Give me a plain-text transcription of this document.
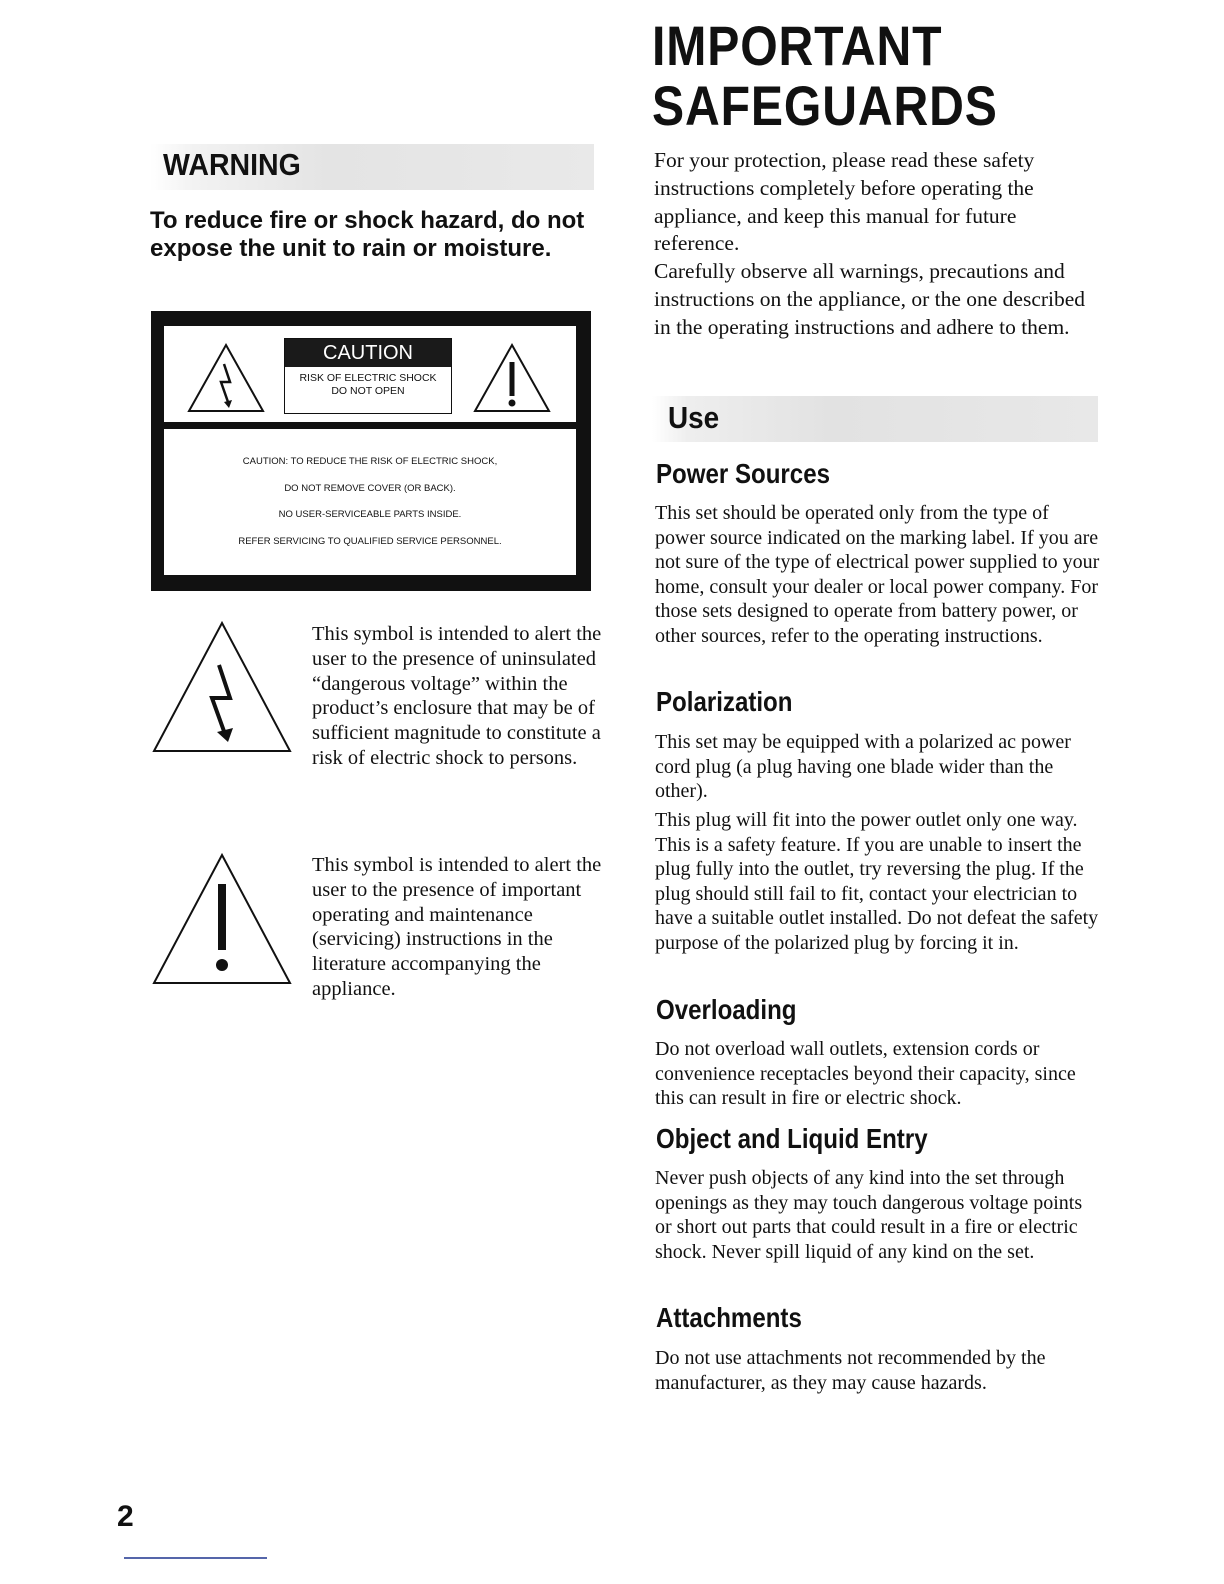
WARNING
To reduce fire or shock hazard, do not expose the unit to rain or moisture.
CAUTION
RISK OF ELECTRIC SHOCK
DO NOT OPEN
CAUTION: TO REDUCE THE RISK OF ELECTRIC SHOCK,
DO NOT REMOVE COVER (OR BACK).
NO USER-SERVICEABLE PARTS INSIDE.
REFER SERVICING TO QUALIFIED SERVICE PERSONNEL.
This symbol is intended to alert the user to the presence of uninsulated “dangerous voltage” within the product’s enclosure that may be of sufficient magnitude to constitute a risk of electric shock to persons.
This symbol is intended to alert the user to the presence of important operating and maintenance (servicing) instructions in the literature accompanying the appliance.
2
IMPORTANT
SAFEGUARDS
For your protection, please read these safety instructions completely before operating the appliance, and keep this manual for future reference.
Carefully observe all warnings, precautions and instructions on the appliance, or the one described in the operating instructions and adhere to them.
Use
Power Sources
This set should be operated only from the type of power source indicated on the marking label. If you are not sure of the type of electrical power supplied to your home, consult your dealer or local power company. For those sets designed to operate from battery power, or other sources, refer to the operating instructions.
Polarization
This set may be equipped with a polarized ac power cord plug (a plug having one blade wider than the other).
This plug will fit into the power outlet only one way. This is a safety feature. If you are unable to insert the plug fully into the outlet, try reversing the plug. If the plug should still fail to fit, contact your electrician to have a suitable outlet installed. Do not defeat the safety purpose of the polarized plug by forcing it in.
Overloading
Do not overload wall outlets, extension cords or convenience receptacles beyond their capacity, since this can result in fire or electric shock.
Object and Liquid Entry
Never push objects of any kind into the set through openings as they may touch dangerous voltage points or short out parts that could result in a fire or electric shock. Never spill liquid of any kind on the set.
Attachments
Do not use attachments not recommended by the manufacturer, as they may cause hazards.
